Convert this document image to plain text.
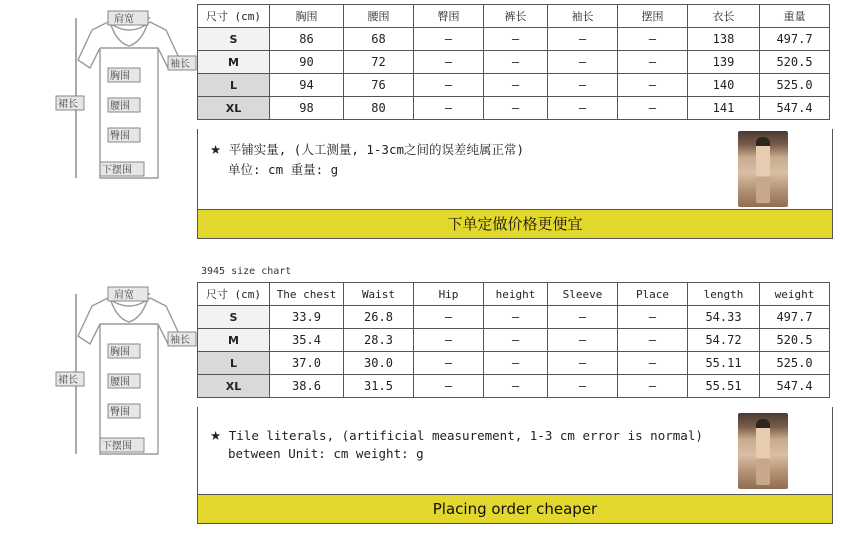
肩宽
袖长
胸围
裙长	腰围
臀围
下摆围
尺寸 (cm)	胸围	腰围	臀围	裤长	袖长	摆围	衣长	重量
S	86	68	—	—	—	—	138	497.7
M	90	72	—	—	—	—	139	520.5
L	94	76	—	—	—	—	140	525.0
XL	98	80	—	—	—	—	141	547.4
★ 平铺实量, (人工测量, 1-3cm之间的误差纯属正常)
单位: cm 重量: g
下单定做价格更便宜
3945 size chart
肩宽
袖长
胸围
裙长	腰围
臀围
下摆围
尺寸 (cm)	The chest	Waist	Hip	height	Sleeve	Place	length	weight
S	33.9	26.8	—	—	—	—	54.33	497.7
M	35.4	28.3	—	—	—	—	54.72	520.5
L	37.0	30.0	—	—	—	—	55.11	525.0
XL	38.6	31.5	—	—	—	—	55.51	547.4
★ Tile literals, (artificial measurement, 1-3 cm error is normal)
between Unit: cm weight: g
Placing order cheaper
